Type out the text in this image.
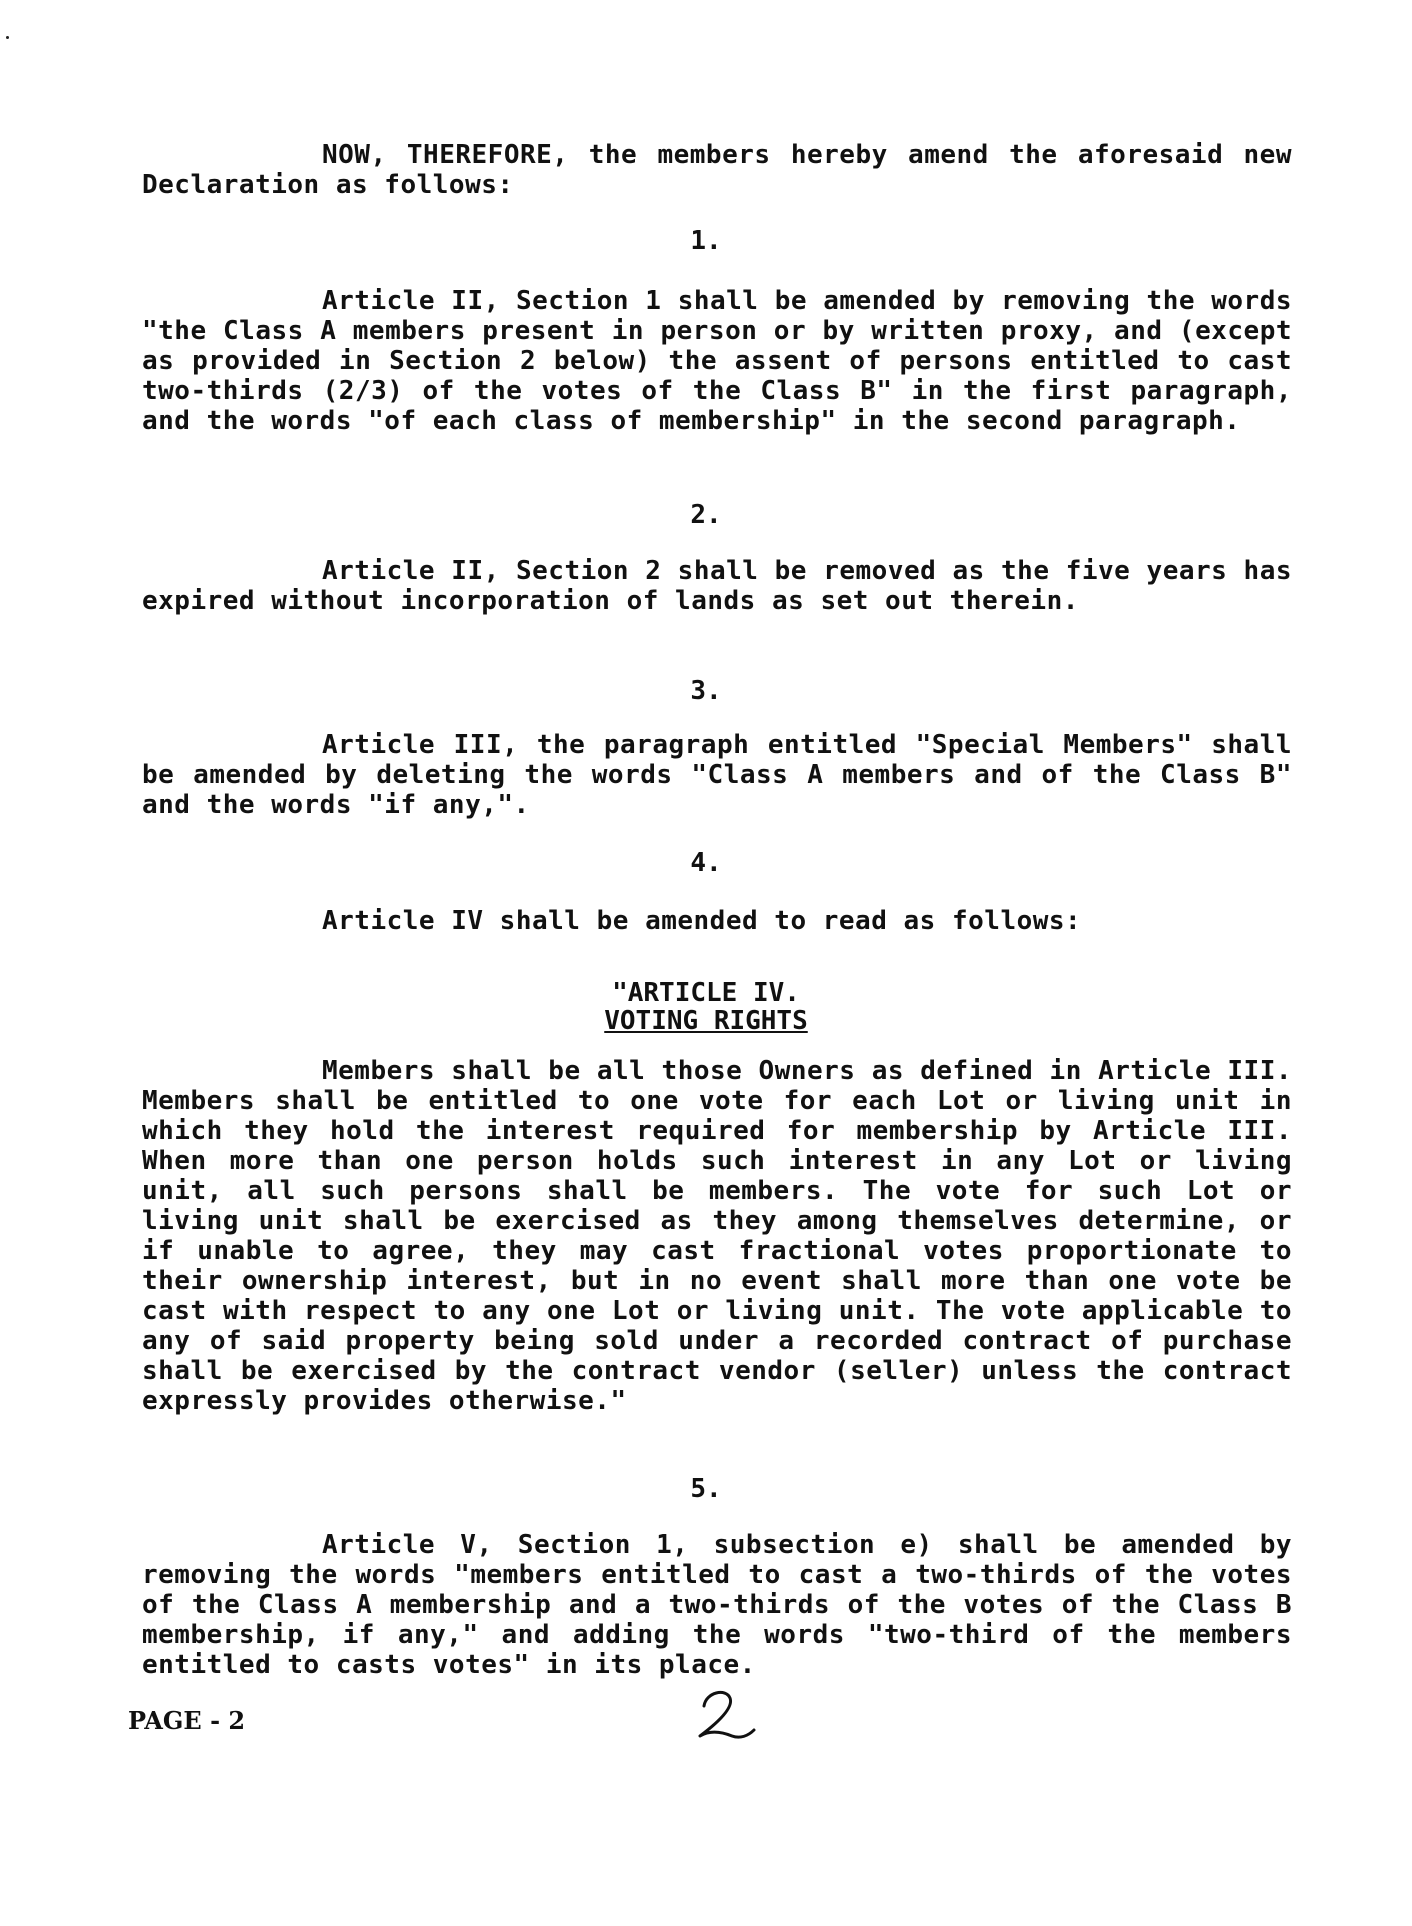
NOW, THEREFORE, the members hereby amend the aforesaid new Declaration as follows:

1.

Article II, Section 1 shall be amended by removing the words "the Class A members present in person or by written proxy, and (except as provided in Section 2 below) the assent of persons entitled to cast two-thirds (2/3) of the votes of the Class B" in the first paragraph, and the words "of each class of membership" in the second paragraph.

2.

Article II, Section 2 shall be removed as the five years has expired without incorporation of lands as set out therein.

3.

Article III, the paragraph entitled "Special Members" shall be amended by deleting the words "Class A members and of the Class B" and the words "if any,".

4.
Article IV shall be amended to read as follows:
"ARTICLE IV.
VOTING RIGHTS

Members shall be all those Owners as defined in Article III. Members shall be entitled to one vote for each Lot or living unit in which they hold the interest required for membership by Article III. When more than one person holds such interest in any Lot or living unit, all such persons shall be members. The vote for such Lot or living unit shall be exercised as they among themselves determine, or if unable to agree, they may cast fractional votes proportionate to their ownership interest, but in no event shall more than one vote be cast with respect to any one Lot or living unit. The vote applicable to any of said property being sold under a recorded contract of purchase shall be exercised by the contract vendor (seller) unless the contract expressly provides otherwise."

5.

Article V, Section 1, subsection e) shall be amended by removing the words "members entitled to cast a two-thirds of the votes of the Class A membership and a two-thirds of the votes of the Class B membership, if any," and adding the words "two-third of the members entitled to casts votes" in its place.

PAGE - 2
